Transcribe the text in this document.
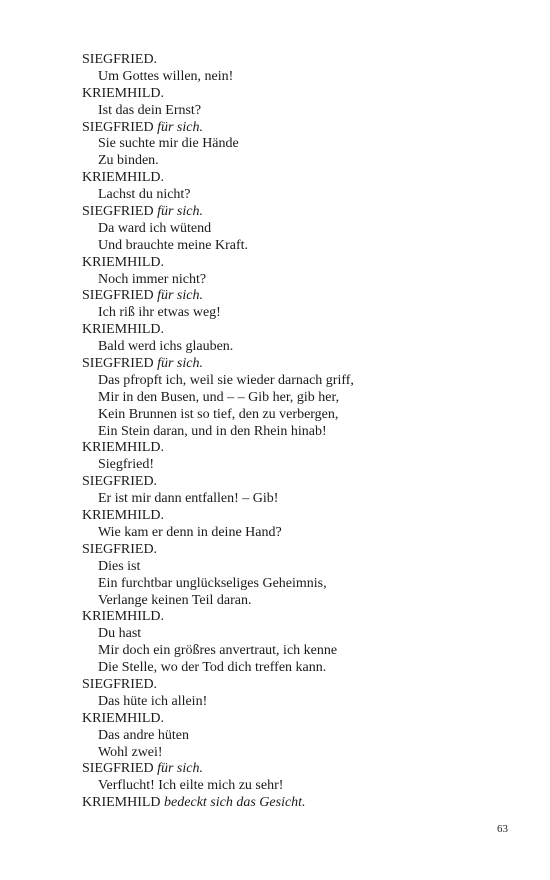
SIEGFRIED.
Um Gottes willen, nein!
KRIEMHILD.
Ist das dein Ernst?
SIEGFRIED für sich.
Sie suchte mir die Hände
Zu binden.
KRIEMHILD.
Lachst du nicht?
SIEGFRIED für sich.
Da ward ich wütend
Und brauchte meine Kraft.
KRIEMHILD.
Noch immer nicht?
SIEGFRIED für sich.
Ich riß ihr etwas weg!
KRIEMHILD.
Bald werd ichs glauben.
SIEGFRIED für sich.
Das pfropft ich, weil sie wieder darnach griff,
Mir in den Busen, und – – Gib her, gib her,
Kein Brunnen ist so tief, den zu verbergen,
Ein Stein daran, und in den Rhein hinab!
KRIEMHILD.
Siegfried!
SIEGFRIED.
Er ist mir dann entfallen! – Gib!
KRIEMHILD.
Wie kam er denn in deine Hand?
SIEGFRIED.
Dies ist
Ein furchtbar unglückseliges Geheimnis,
Verlange keinen Teil daran.
KRIEMHILD.
Du hast
Mir doch ein größres anvertraut, ich kenne
Die Stelle, wo der Tod dich treffen kann.
SIEGFRIED.
Das hüte ich allein!
KRIEMHILD.
Das andre hüten
Wohl zwei!
SIEGFRIED für sich.
Verflucht! Ich eilte mich zu sehr!
KRIEMHILD bedeckt sich das Gesicht.
63
